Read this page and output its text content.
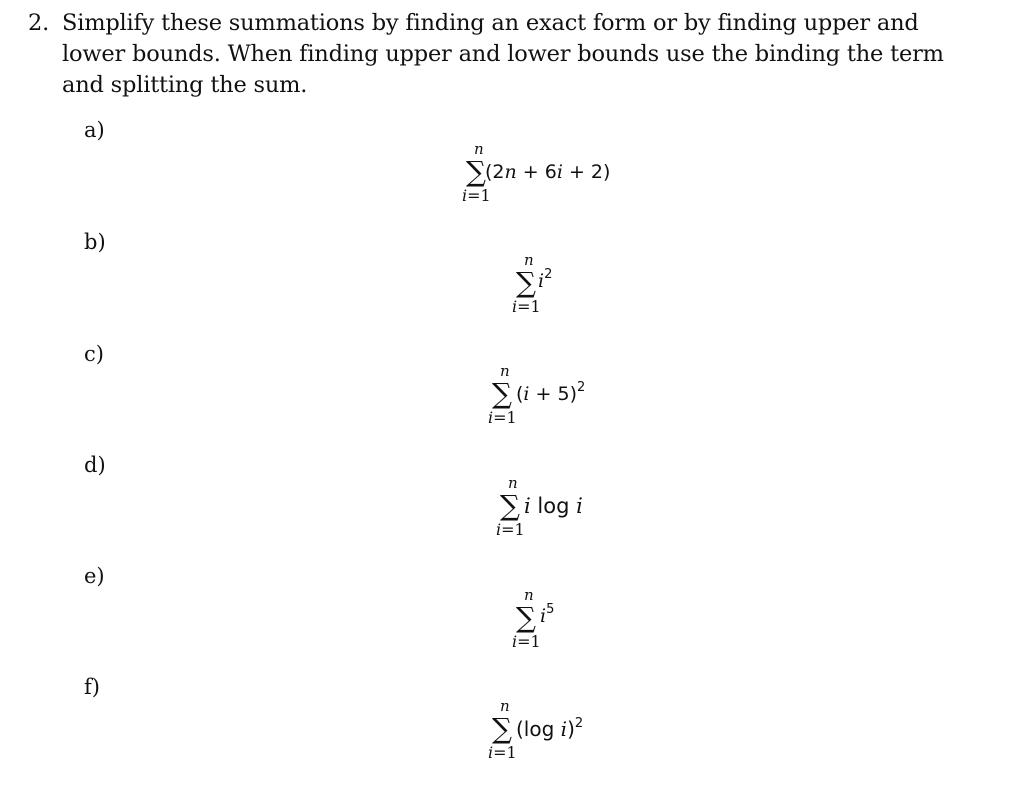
2. Simplify these summations by finding an exact form or by finding upper and lower bounds. When finding upper and lower bounds use the binding the term and splitting the sum.
a)
n
∑
i=1
(2n + 6i + 2)
b)
n
∑
i=1
$i^2$
c)
n
∑
i=1
$(i + 5)^2$
d)
n
∑
i=1
i log i
e)
n
∑
i=1
$i^5$
f)
n
∑
i=1
(log i)$^2$
